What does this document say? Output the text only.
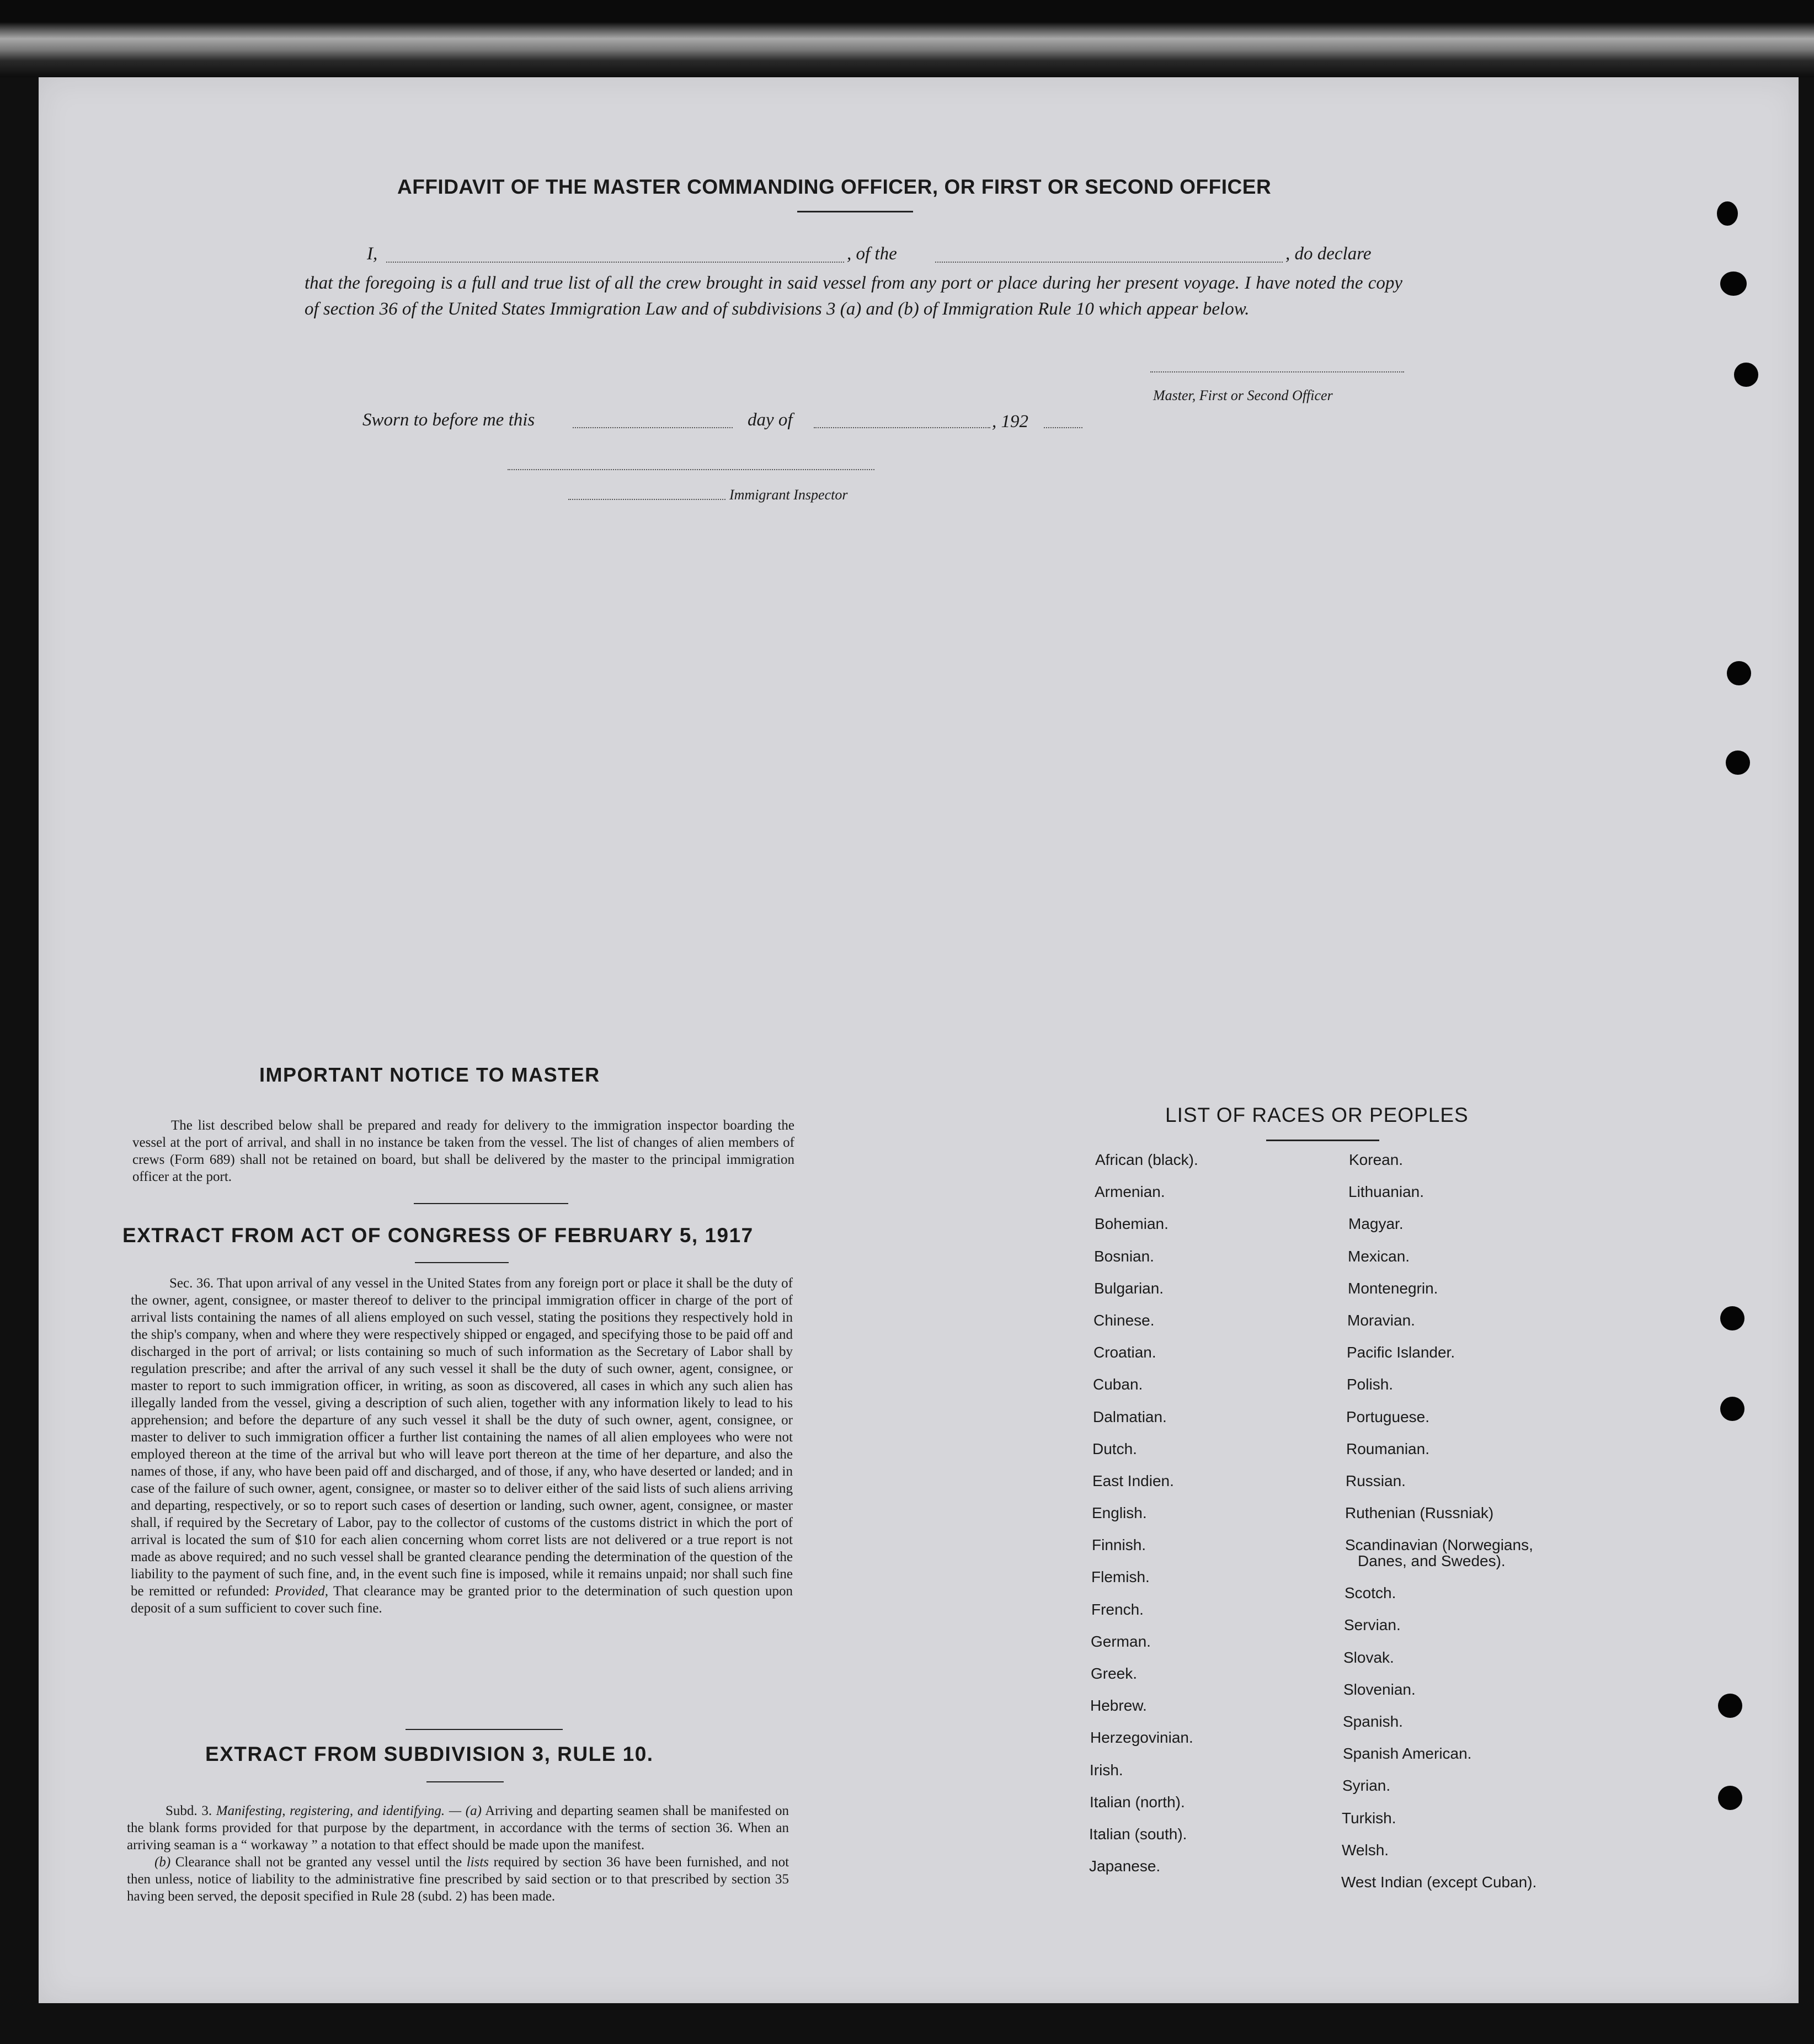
AFFIDAVIT OF THE MASTER COMMANDING OFFICER, OR FIRST OR SECOND OFFICER
I,	, of the	, do declare
that the foregoing is a full and true list of all the crew brought in said vessel from any port or place during her present voyage. I have noted the copy of section 36 of the United States Immigration Law and of subdivisions 3 (a) and (b) of Immigration Rule 10 which appear below.
Master, First or Second Officer
Sworn to before me this	day of	, 192
Immigrant Inspector
IMPORTANT NOTICE TO MASTER

The list described below shall be prepared and ready for delivery to the immigration inspector boarding the vessel at the port of arrival, and shall in no instance be taken from the vessel. The list of changes of alien members of crews (Form 689) shall not be retained on board, but shall be delivered by the master to the principal immigration officer at the port.

EXTRACT FROM ACT OF CONGRESS OF FEBRUARY 5, 1917

Sec. 36. That upon arrival of any vessel in the United States from any foreign port or place it shall be the duty of the owner, agent, consignee, or master thereof to deliver to the principal immigration officer in charge of the port of arrival lists containing the names of all aliens employed on such vessel, stating the positions they respectively hold in the ship's company, when and where they were respectively shipped or engaged, and specifying those to be paid off and discharged in the port of arrival; or lists containing so much of such information as the Secretary of Labor shall by regulation prescribe; and after the arrival of any such vessel it shall be the duty of such owner, agent, consignee, or master to report to such immigration officer, in writing, as soon as discovered, all cases in which any such alien has illegally landed from the vessel, giving a description of such alien, together with any information likely to lead to his apprehension; and before the departure of any such vessel it shall be the duty of such owner, agent, consignee, or master to deliver to such immigration officer a further list containing the names of all alien employees who were not employed thereon at the time of the arrival but who will leave port thereon at the time of her departure, and also the names of those, if any, who have been paid off and discharged, and of those, if any, who have deserted or landed; and in case of the failure of such owner, agent, consignee, or master so to deliver either of the said lists of such aliens arriving and departing, respectively, or so to report such cases of desertion or landing, such owner, agent, consignee, or master shall, if required by the Secretary of Labor, pay to the collector of customs of the customs district in which the port of arrival is located the sum of $10 for each alien concerning whom corret lists are not delivered or a true report is not made as above required; and no such vessel shall be granted clearance pending the determination of the question of the liability to the payment of such fine, and, in the event such fine is imposed, while it remains unpaid; nor shall such fine be remitted or refunded: Provided, That clearance may be granted prior to the determination of such question upon deposit of a sum sufficient to cover such fine.

EXTRACT FROM SUBDIVISION 3, RULE 10.

Subd. 3. Manifesting, registering, and identifying. — (a) Arriving and departing seamen shall be manifested on the blank forms provided for that purpose by the department, in accordance with the terms of section 36. When an arriving seaman is a “ workaway ” a notation to that effect should be made upon the manifest.

(b) Clearance shall not be granted any vessel until the lists required by section 36 have been furnished, and not then unless, notice of liability to the administrative fine prescribed by said section or to that prescribed by section 35 having been served, the deposit specified in Rule 28 (subd. 2) has been made.

LIST OF RACES OR PEOPLES
African (black).
Armenian.
Bohemian.
Bosnian.
Bulgarian.
Chinese.
Croatian.
Cuban.
Dalmatian.
Dutch.
East Indien.
English.
Finnish.
Flemish.
French.
German.
Greek.
Hebrew.
Herzegovinian.
Irish.
Italian (north).
Italian (south).
Japanese.
Korean.
Lithuanian.
Magyar.
Mexican.
Montenegrin.
Moravian.
Pacific Islander.
Polish.
Portuguese.
Roumanian.
Russian.
Ruthenian (Russniak)
Scandinavian (Norwegians,
Danes, and Swedes).
Scotch.
Servian.
Slovak.
Slovenian.
Spanish.
Spanish American.
Syrian.
Turkish.
Welsh.
West Indian (except Cuban).
